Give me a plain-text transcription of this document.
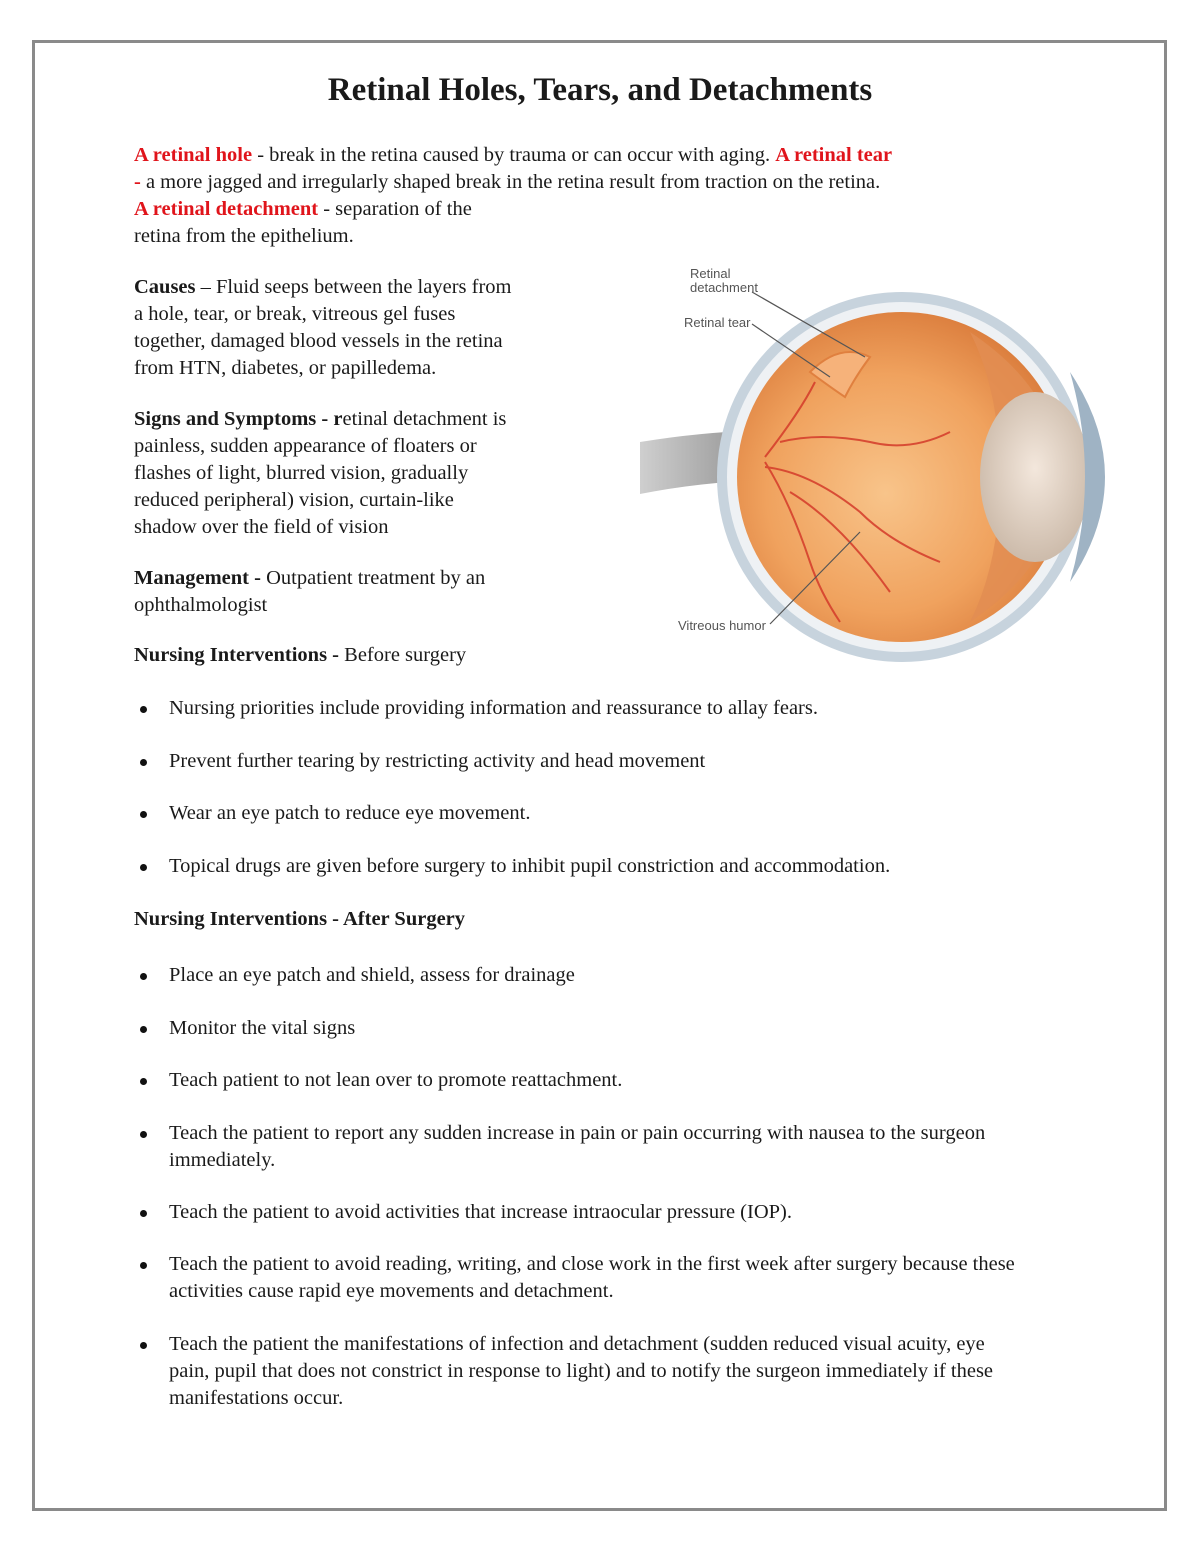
Retinal Holes, Tears, and Detachments

A retinal hole - break in the retina caused by trauma or can occur with aging. A retinal tear
- a more jagged and irregularly shaped break in the retina result from traction on the retina.
A retinal detachment - separation of the
retina from the epithelium.

Causes – Fluid seeps between the layers from
a hole, tear, or break, vitreous gel fuses
together, damaged blood vessels in the retina
from HTN, diabetes, or papilledema.

Signs and Symptoms - retinal detachment is
painless, sudden appearance of floaters or
flashes of light, blurred vision, gradually
reduced peripheral) vision, curtain-like
shadow over the field of vision

Management - Outpatient treatment by an
ophthalmologist

Nursing Interventions - Before surgery

Nursing priorities include providing information and reassurance to allay fears.
Prevent further tearing by restricting activity and head movement
Wear an eye patch to reduce eye movement.
Topical drugs are given before surgery to inhibit pupil constriction and accommodation.

Nursing Interventions - After Surgery

Place an eye patch and shield, assess for drainage
Monitor the vital signs
Teach patient to not lean over to promote reattachment.
Teach the patient to report any sudden increase in pain or pain occurring with nausea to the surgeon immediately.
Teach the patient to avoid activities that increase intraocular pressure (IOP).
Teach the patient to avoid reading, writing, and close work in the first week after surgery because these activities cause rapid eye movements and detachment.
Teach the patient the manifestations of infection and detachment (sudden reduced visual acuity, eye pain, pupil that does not constrict in response to light) and to notify the surgeon immediately if these manifestations occur.
Retinal
detachment
Retinal tear
Vitreous humor
